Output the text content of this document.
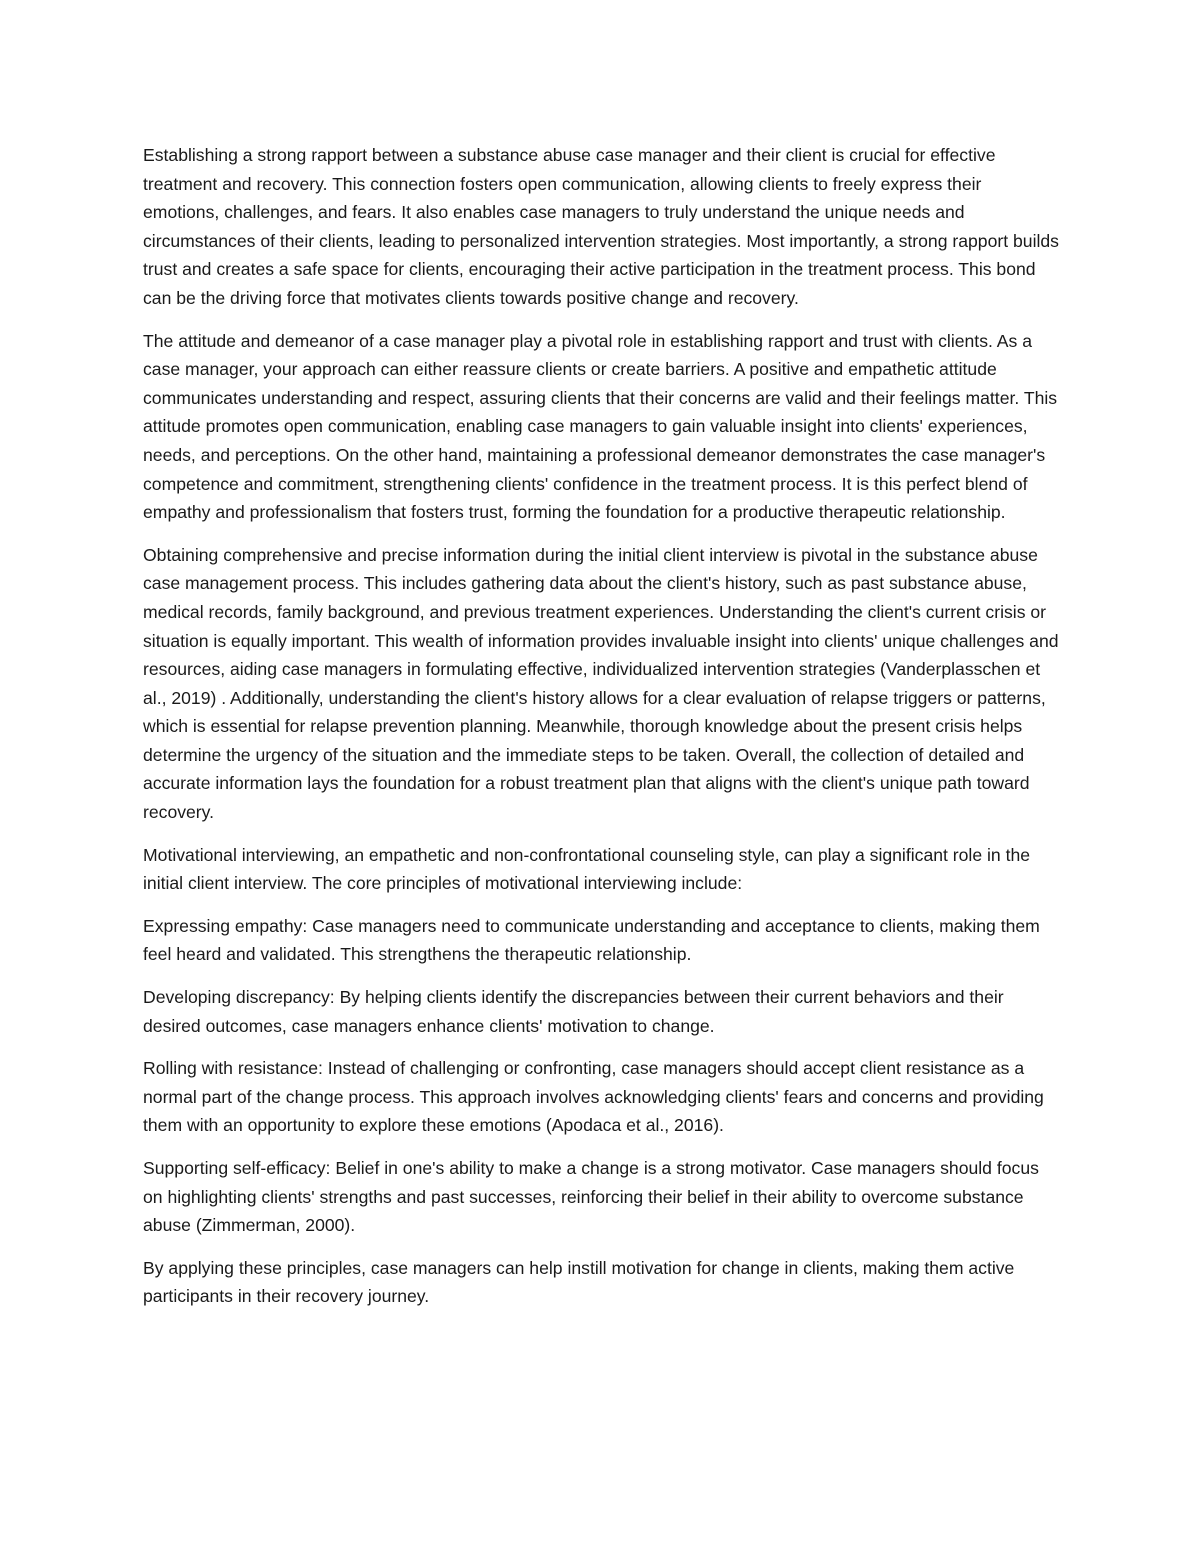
Establishing a strong rapport between a substance abuse case manager and their client is crucial for effective treatment and recovery. This connection fosters open communication, allowing clients to freely express their emotions, challenges, and fears. It also enables case managers to truly understand the unique needs and circumstances of their clients, leading to personalized intervention strategies. Most importantly, a strong rapport builds trust and creates a safe space for clients, encouraging their active participation in the treatment process. This bond can be the driving force that motivates clients towards positive change and recovery.

The attitude and demeanor of a case manager play a pivotal role in establishing rapport and trust with clients. As a case manager, your approach can either reassure clients or create barriers. A positive and empathetic attitude communicates understanding and respect, assuring clients that their concerns are valid and their feelings matter. This attitude promotes open communication, enabling case managers to gain valuable insight into clients' experiences, needs, and perceptions. On the other hand, maintaining a professional demeanor demonstrates the case manager's competence and commitment, strengthening clients' confidence in the treatment process. It is this perfect blend of empathy and professionalism that fosters trust, forming the foundation for a productive therapeutic relationship.

Obtaining comprehensive and precise information during the initial client interview is pivotal in the substance abuse case management process. This includes gathering data about the client's history, such as past substance abuse, medical records, family background, and previous treatment experiences. Understanding the client's current crisis or situation is equally important. This wealth of information provides invaluable insight into clients' unique challenges and resources, aiding case managers in formulating effective, individualized intervention strategies (Vanderplasschen et al., 2019) . Additionally, understanding the client's history allows for a clear evaluation of relapse triggers or patterns, which is essential for relapse prevention planning. Meanwhile, thorough knowledge about the present crisis helps determine the urgency of the situation and the immediate steps to be taken. Overall, the collection of detailed and accurate information lays the foundation for a robust treatment plan that aligns with the client's unique path toward recovery.

Motivational interviewing, an empathetic and non-confrontational counseling style, can play a significant role in the initial client interview. The core principles of motivational interviewing include:

Expressing empathy: Case managers need to communicate understanding and acceptance to clients, making them feel heard and validated. This strengthens the therapeutic relationship.

Developing discrepancy: By helping clients identify the discrepancies between their current behaviors and their desired outcomes, case managers enhance clients' motivation to change.

Rolling with resistance: Instead of challenging or confronting, case managers should accept client resistance as a normal part of the change process. This approach involves acknowledging clients' fears and concerns and providing them with an opportunity to explore these emotions (Apodaca et al., 2016).

Supporting self-efficacy: Belief in one's ability to make a change is a strong motivator. Case managers should focus on highlighting clients' strengths and past successes, reinforcing their belief in their ability to overcome substance abuse (Zimmerman, 2000).

By applying these principles, case managers can help instill motivation for change in clients, making them active participants in their recovery journey.
